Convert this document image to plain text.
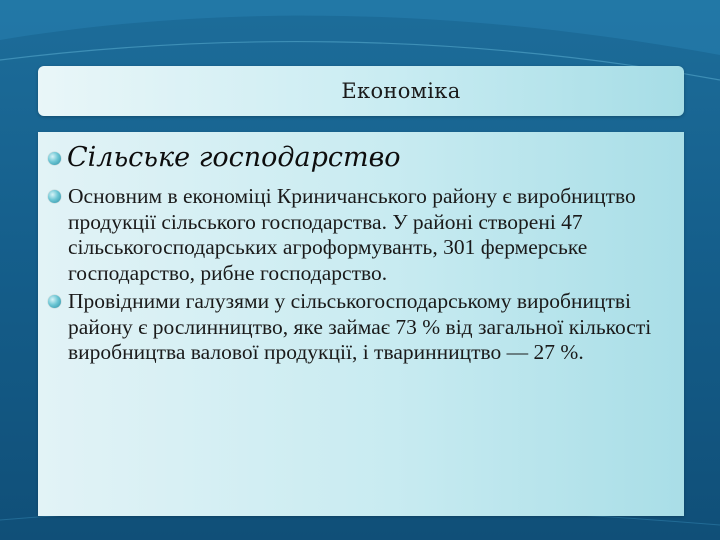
Економіка
Сільське господарство
Основним в економіці Криничанського району є виробництво продукції сільського господарства. У районі створені 47 сільськогосподарських агроформуванть, 301 фермерське господарство, рибне господарство.
Провідними галузями у сільськогосподарському виробництві району є рослинництво, яке займає 73 % від загальної кількості виробництва валової продукції, і тваринництво — 27 %.
